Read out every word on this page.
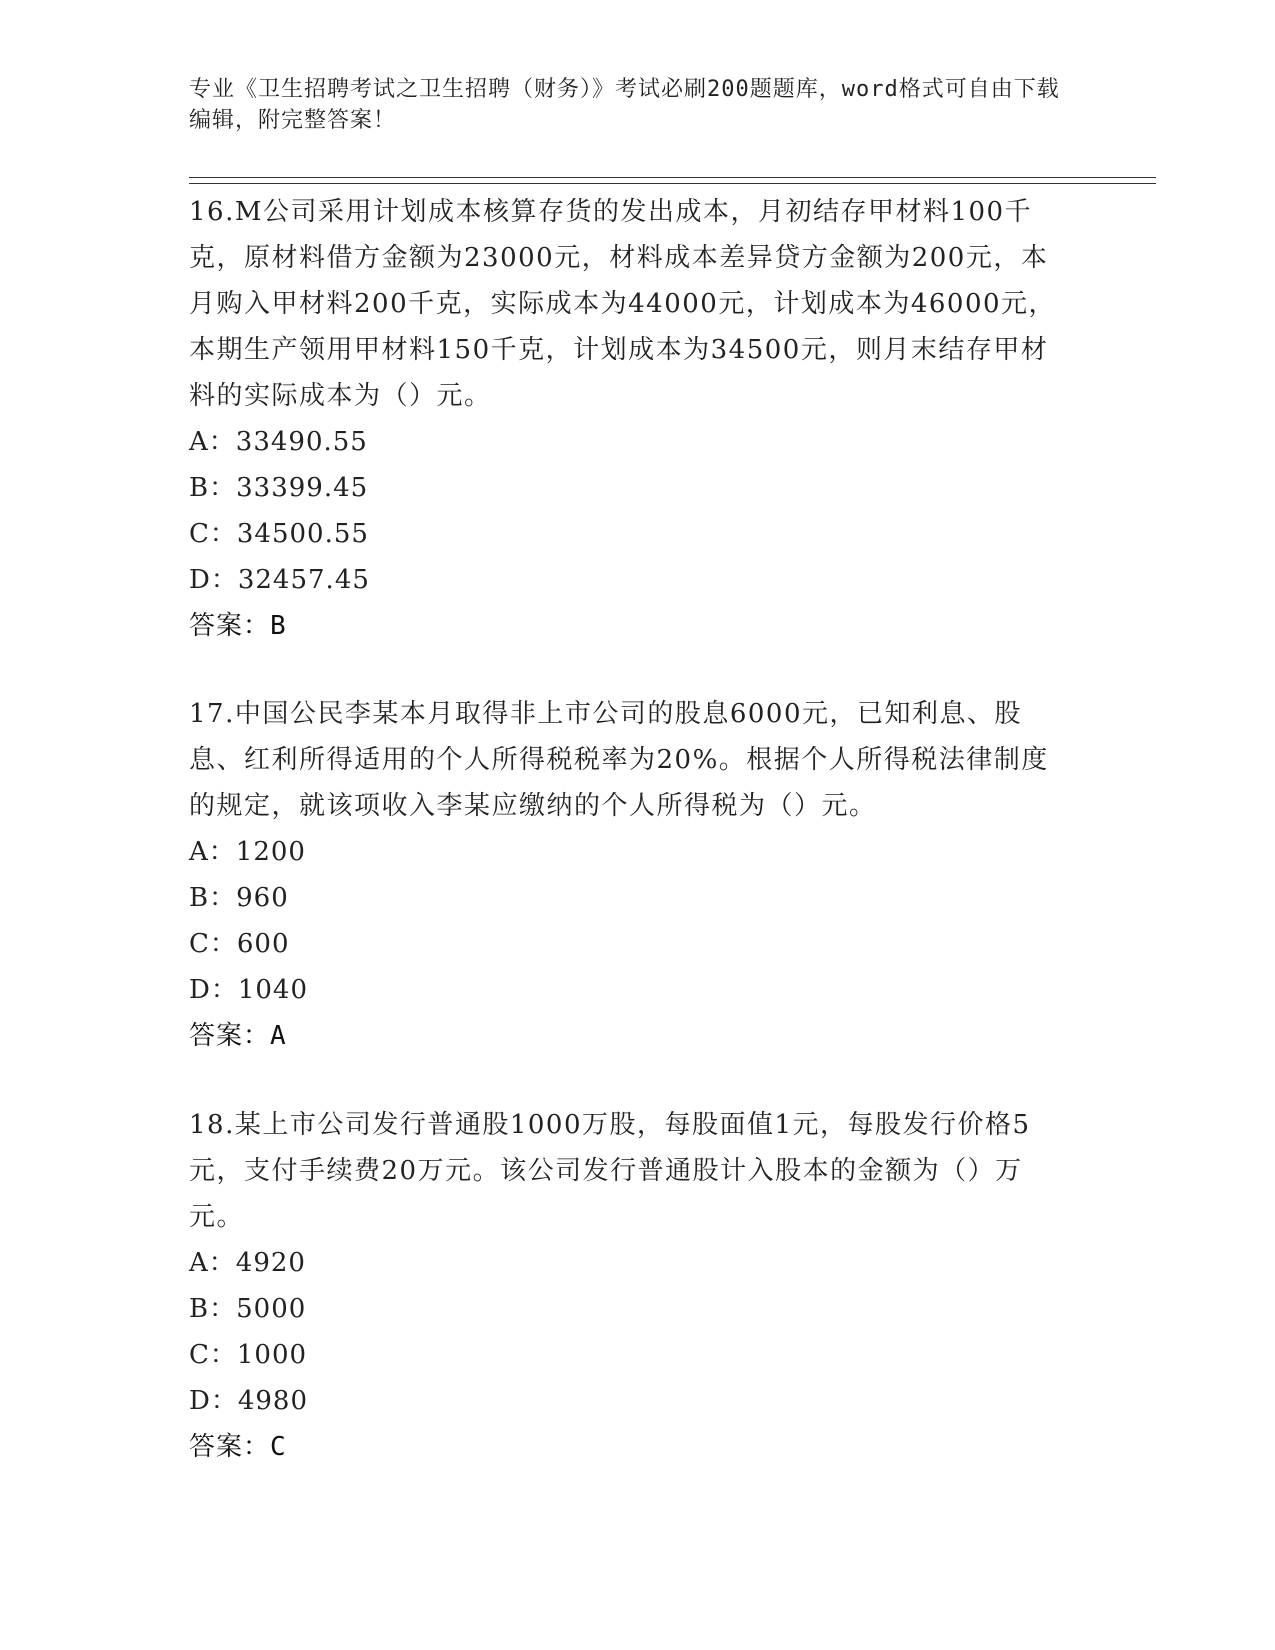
专业《卫生招聘考试之卫生招聘（财务）》考试必刷200题题库，word格式可自由下载编辑，附完整答案！

16.M公司采用计划成本核算存货的发出成本，月初结存甲材料100千克，原材料借方金额为23000元，材料成本差异贷方金额为200元，本月购入甲材料200千克，实际成本为44000元，计划成本为46000元，本期生产领用甲材料150千克，计划成本为34500元，则月末结存甲材料的实际成本为（）元。

A：33490.55

B：33399.45

C：34500.55

D：32457.45

答案：B

17.中国公民李某本月取得非上市公司的股息6000元，已知利息、股息、红利所得适用的个人所得税税率为20%。根据个人所得税法律制度的规定，就该项收入李某应缴纳的个人所得税为（）元。

A：1200

B：960

C：600

D：1040

答案：A

18.某上市公司发行普通股1000万股，每股面值1元，每股发行价格5元，支付手续费20万元。该公司发行普通股计入股本的金额为（）万元。

A：4920

B：5000

C：1000

D：4980

答案：C
